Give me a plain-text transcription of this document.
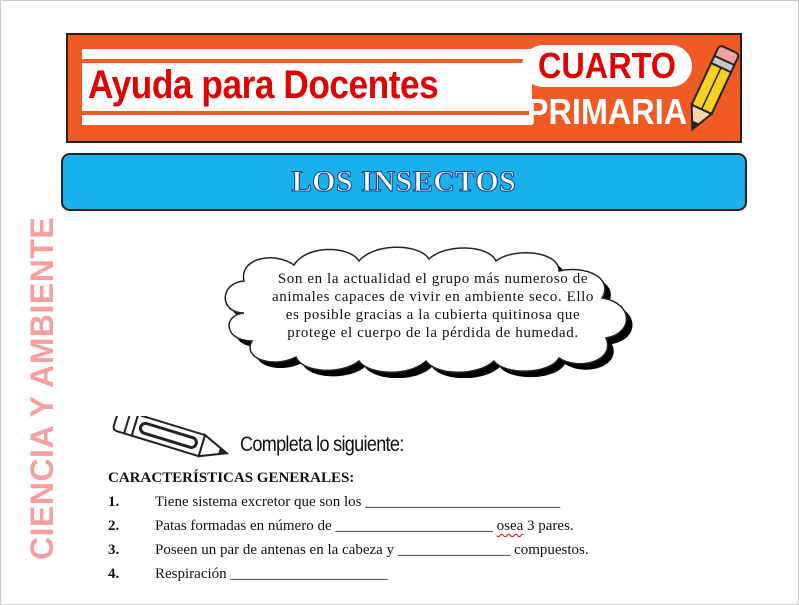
Ayuda para Docentes	CUARTO
PRIMARIA
LOS INSECTOS
CIENCIA Y AMBIENTE	Son en la actualidad el grupo más numeroso de
animales capaces de vivir en ambiente seco. Ello
es posible gracias a la cubierta quitinosa que
protege el cuerpo de la pérdida de humedad.
Completa lo siguiente:
CARACTERÍSTICAS GENERALES:
1. Tiene sistema excretor que son los __________________________
2. Patas formadas en número de _____________________ osea 3 pares.
3. Poseen un par de antenas en la cabeza y _______________ compuestos.
4. Respiración _____________________
